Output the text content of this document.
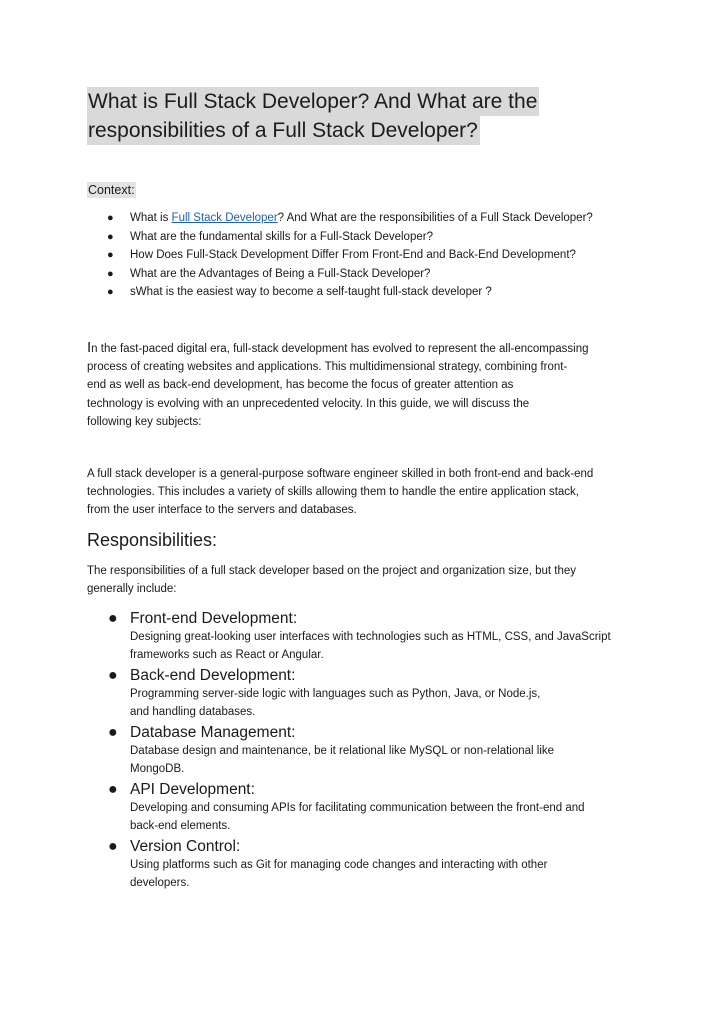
What is Full Stack Developer? And What are the
responsibilities of a Full Stack Developer?
Context:
● What is Full Stack Developer? And What are the responsibilities of a Full Stack Developer?
● What are the fundamental skills for a Full-Stack Developer?
● How Does Full-Stack Development Differ From Front-End and Back-End Development?
● What are the Advantages of Being a Full-Stack Developer?
● sWhat is the easiest way to become a self-taught full-stack developer ?
In the fast-paced digital era, full-stack development has evolved to represent the all-encompassing
process of creating websites and applications. This multidimensional strategy, combining front-
end as well as back-end development, has become the focus of greater attention as
technology is evolving with an unprecedented velocity. In this guide, we will discuss the
following key subjects:
A full stack developer is a general-purpose software engineer skilled in both front-end and back-end
technologies. This includes a variety of skills allowing them to handle the entire application stack,
from the user interface to the servers and databases.
Responsibilities:
The responsibilities of a full stack developer based on the project and organization size, but they
generally include:
● Front-end Development:
Designing great-looking user interfaces with technologies such as HTML, CSS, and JavaScript
frameworks such as React or Angular.
● Back-end Development:
Programming server-side logic with languages such as Python, Java, or Node.js,
and handling databases.
● Database Management:
Database design and maintenance, be it relational like MySQL or non-relational like
MongoDB.
● API Development:
Developing and consuming APIs for facilitating communication between the front-end and
back-end elements.
● Version Control:
Using platforms such as Git for managing code changes and interacting with other
developers.
